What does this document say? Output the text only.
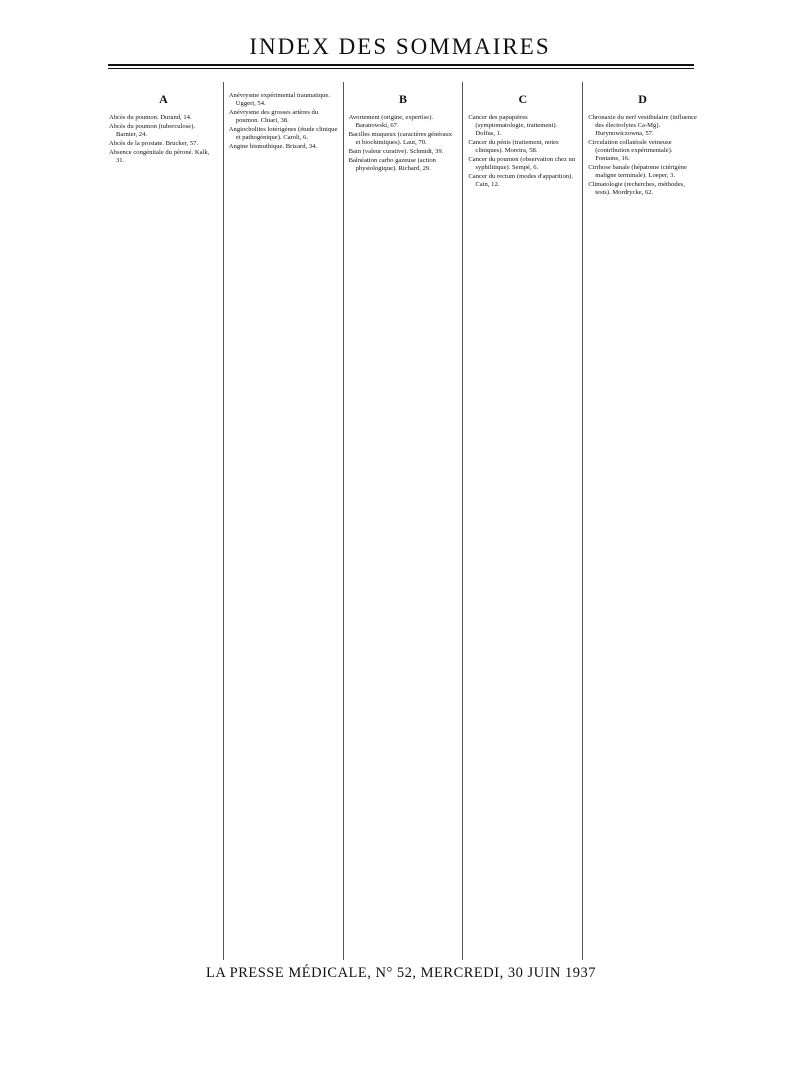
INDEX DES SOMMAIRES
A
Abcès du poumon. Durand, 14.
Abcès du poumon (tuberculose). Barnier, 24.
Abcès de la prostate. Brucker, 57.
Absence congénitale du péroné. Kalk, 31.
Anévrysme expérimental traumatique. Uggeri, 54.
Anévrysme des grosses artères du poumon. Chiari, 38.
Angiocholites lotérigènes (étude clinique et pathogénique). Caroli, 6.
Angine bismuthique. Brizard, 34.
B
Avortement (origine, expertise). Baranowski, 67.
Bacilles muqueux (caractères généraux et biochimiques). Laut, 70.
Bain (valeur curative). Schmidt, 39.
Balnéation carbo gazeuse (action physiologique). Richard, 29.
C
Cancer des papupières (symptomatologie, traitement). Dolfus, 1.
Cancer du pénis (traitement, notes cliniques). Moreira, 58.
Cancer du poumon (observation chez un syphilitique). Sempé, 6.
Cancer du rectum (modes d'apparition). Cain, 12.
D
Chronaxie du nerf vestibulaire (influence des électrolytes Ca-Mg). Hurynowiczowna, 57.
Circulation collatérale veineuse (contribution expérimentale). Fontaine, 16.
Cirrhose banale (hépatome ictérigène maligne terminale). Loeper, 3.
Climatologie (recherches, méthodes, tests). Mordrycke, 62.
LA PRESSE MÉDICALE, N° 52, MERCREDI, 30 JUIN 1937
